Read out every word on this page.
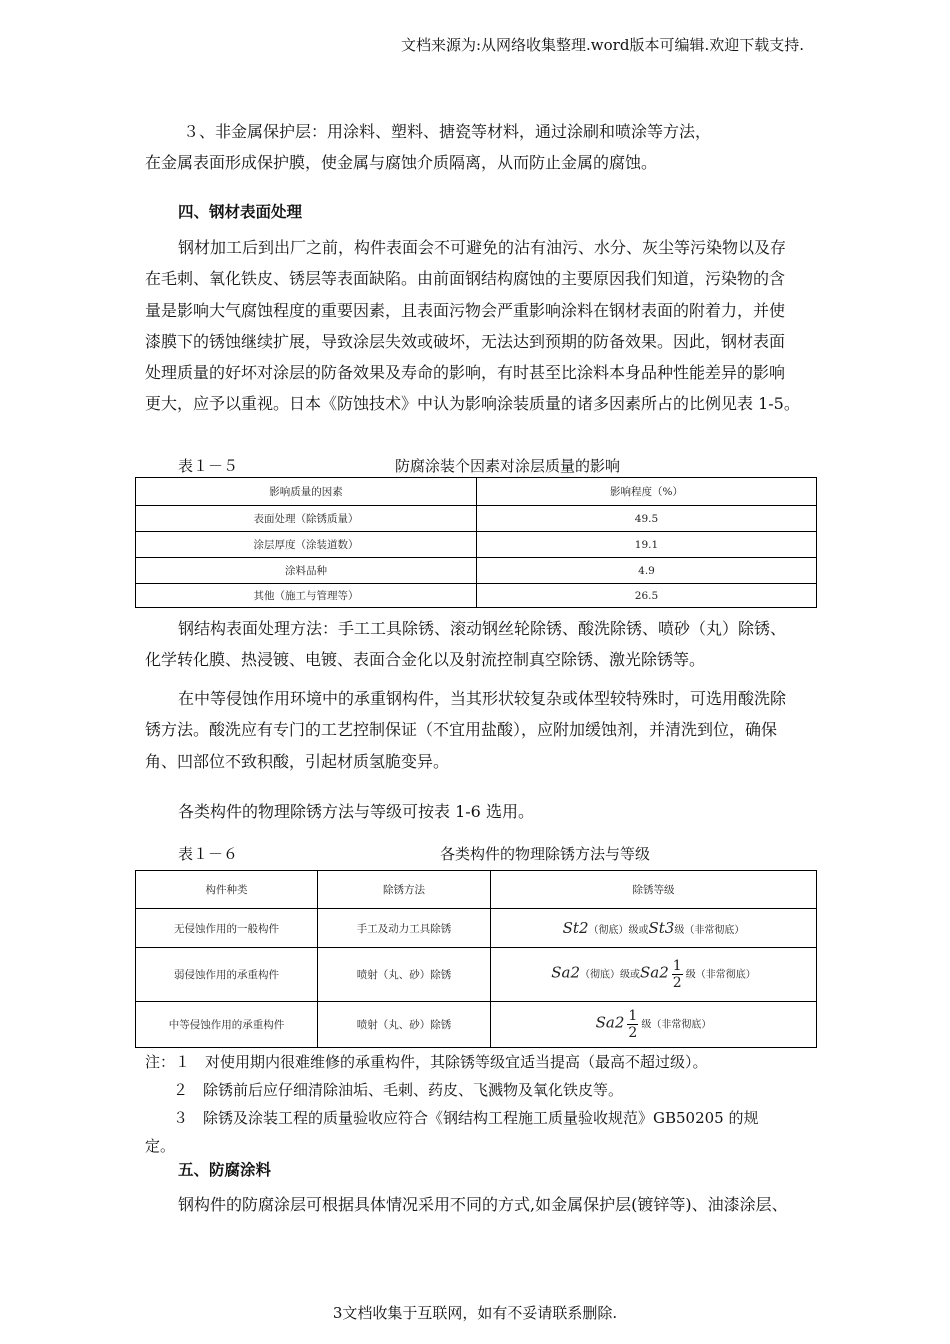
文档来源为:从网络收集整理.word版本可编辑.欢迎下载支持.
３、非金属保护层：用涂料、塑料、搪瓷等材料，通过涂刷和喷涂等方法，
在金属表面形成保护膜，使金属与腐蚀介质隔离，从而防止金属的腐蚀。
四、钢材表面处理
钢材加工后到出厂之前，构件表面会不可避免的沾有油污、水分、灰尘等污染物以及存
在毛刺、氧化铁皮、锈层等表面缺陷。由前面钢结构腐蚀的主要原因我们知道，污染物的含
量是影响大气腐蚀程度的重要因素，且表面污物会严重影响涂料在钢材表面的附着力，并使
漆膜下的锈蚀继续扩展，导致涂层失效或破坏，无法达到预期的防备效果。因此，钢材表面
处理质量的好坏对涂层的防备效果及寿命的影响，有时甚至比涂料本身品种性能差异的影响
更大，应予以重视。日本《防蚀技术》中认为影响涂装质量的诸多因素所占的比例见表 1-5。
表１－５	防腐涂装个因素对涂层质量的影响
影响质量的因素	影响程度（%）
表面处理（除锈质量）	49.5
涂层厚度（涂装道数）	19.1
涂料品种	4.9
其他（施工与管理等）	26.5
钢结构表面处理方法：手工工具除锈、滚动钢丝轮除锈、酸洗除锈、喷砂（丸）除锈、
化学转化膜、热浸镀、电镀、表面合金化以及射流控制真空除锈、激光除锈等。
在中等侵蚀作用环境中的承重钢构件，当其形状较复杂或体型较特殊时，可选用酸洗除
锈方法。酸洗应有专门的工艺控制保证（不宜用盐酸），应附加缓蚀剂，并清洗到位，确保
角、凹部位不致积酸，引起材质氢脆变异。
各类构件的物理除锈方法与等级可按表 1-6 选用。
表１－６	各类构件的物理除锈方法与等级
构件种类	除锈方法	除锈等级
无侵蚀作用的一般构件	手工及动力工具除锈	St2（彻底）级或St3级（非常彻底）
弱侵蚀作用的承重构件	喷射（丸、砂）除锈	Sa2（彻底）级或$Sa2 \frac{1}{2}$ 级（非常彻底）
中等侵蚀作用的承重构件	喷射（丸、砂）除锈	$Sa2 \frac{1}{2}$ 级（非常彻底）
注：１　对使用期内很难维修的承重构件，其除锈等级宜适当提高（最高不超过级）。
２　除锈前后应仔细清除油垢、毛刺、药皮、飞溅物及氧化铁皮等。
３　除锈及涂装工程的质量验收应符合《钢结构工程施工质量验收规范》GB50205 的规
定。
五、防腐涂料
钢构件的防腐涂层可根据具体情况采用不同的方式,如金属保护层(镀锌等)、油漆涂层、
3文档收集于互联网，如有不妥请联系删除.
